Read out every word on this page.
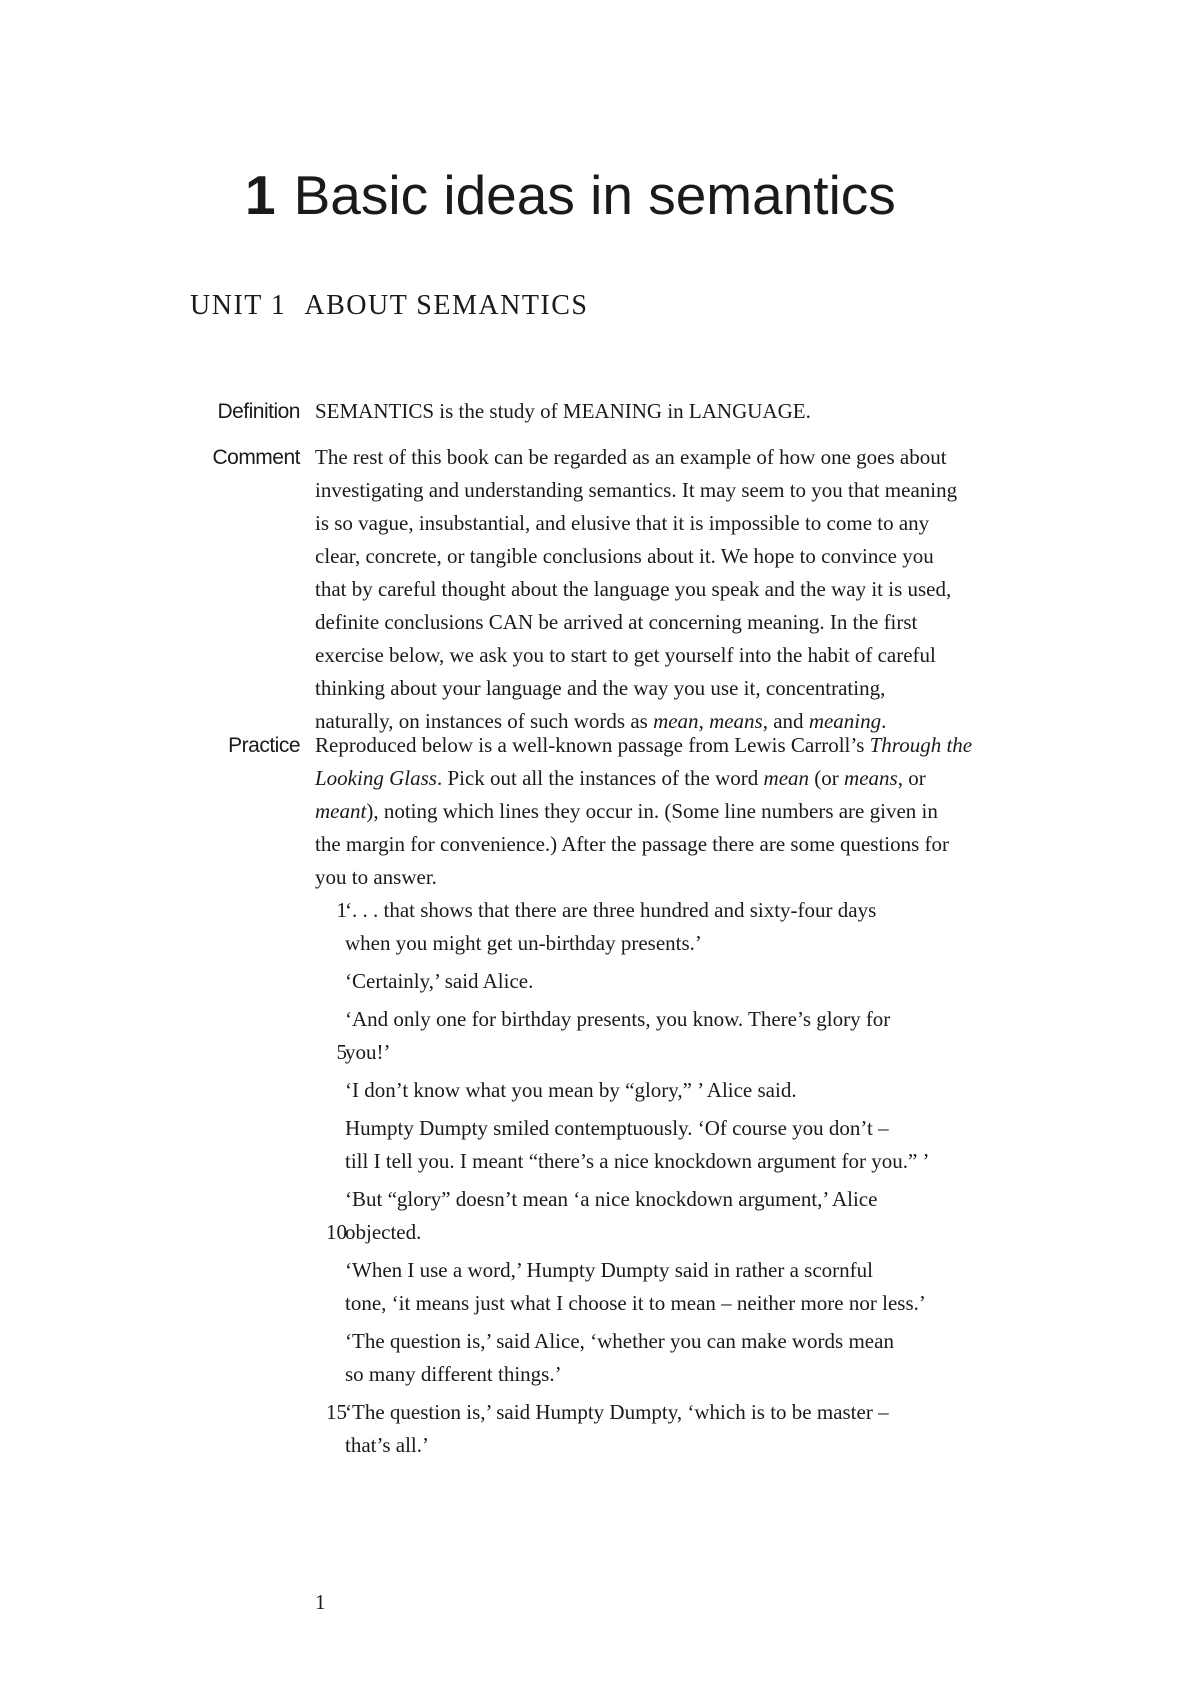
1 Basic ideas in semantics
UNIT 1 ABOUT SEMANTICS
Definition SEMANTICS is the study of MEANING in LANGUAGE.
Comment The rest of this book can be regarded as an example of how one goes about
investigating and understanding semantics. It may seem to you that meaning
is so vague, insubstantial, and elusive that it is impossible to come to any
clear, concrete, or tangible conclusions about it. We hope to convince you
that by careful thought about the language you speak and the way it is used,
definite conclusions CAN be arrived at concerning meaning. In the first
exercise below, we ask you to start to get yourself into the habit of careful
thinking about your language and the way you use it, concentrating,
naturally, on instances of such words as mean, means, and meaning.
Practice Reproduced below is a well-known passage from Lewis Carroll’s Through the
Looking Glass. Pick out all the instances of the word mean (or means, or
meant), noting which lines they occur in. (Some line numbers are given in
the margin for convenience.) After the passage there are some questions for
you to answer.
1
‘. . . that shows that there are three hundred and sixty-four days
when you might get un-birthday presents.’
‘Certainly,’ said Alice.
‘And only one for birthday presents, you know. There’s glory for
5
you!’
‘I don’t know what you mean by “glory,” ’ Alice said.
Humpty Dumpty smiled contemptuously. ‘Of course you don’t –
till I tell you. I meant “there’s a nice knockdown argument for you.” ’
‘But “glory” doesn’t mean ‘a nice knockdown argument,’ Alice
10
objected.
‘When I use a word,’ Humpty Dumpty said in rather a scornful
tone, ‘it means just what I choose it to mean – neither more nor less.’
‘The question is,’ said Alice, ‘whether you can make words mean
so many different things.’
15
‘The question is,’ said Humpty Dumpty, ‘which is to be master –
that’s all.’
1
